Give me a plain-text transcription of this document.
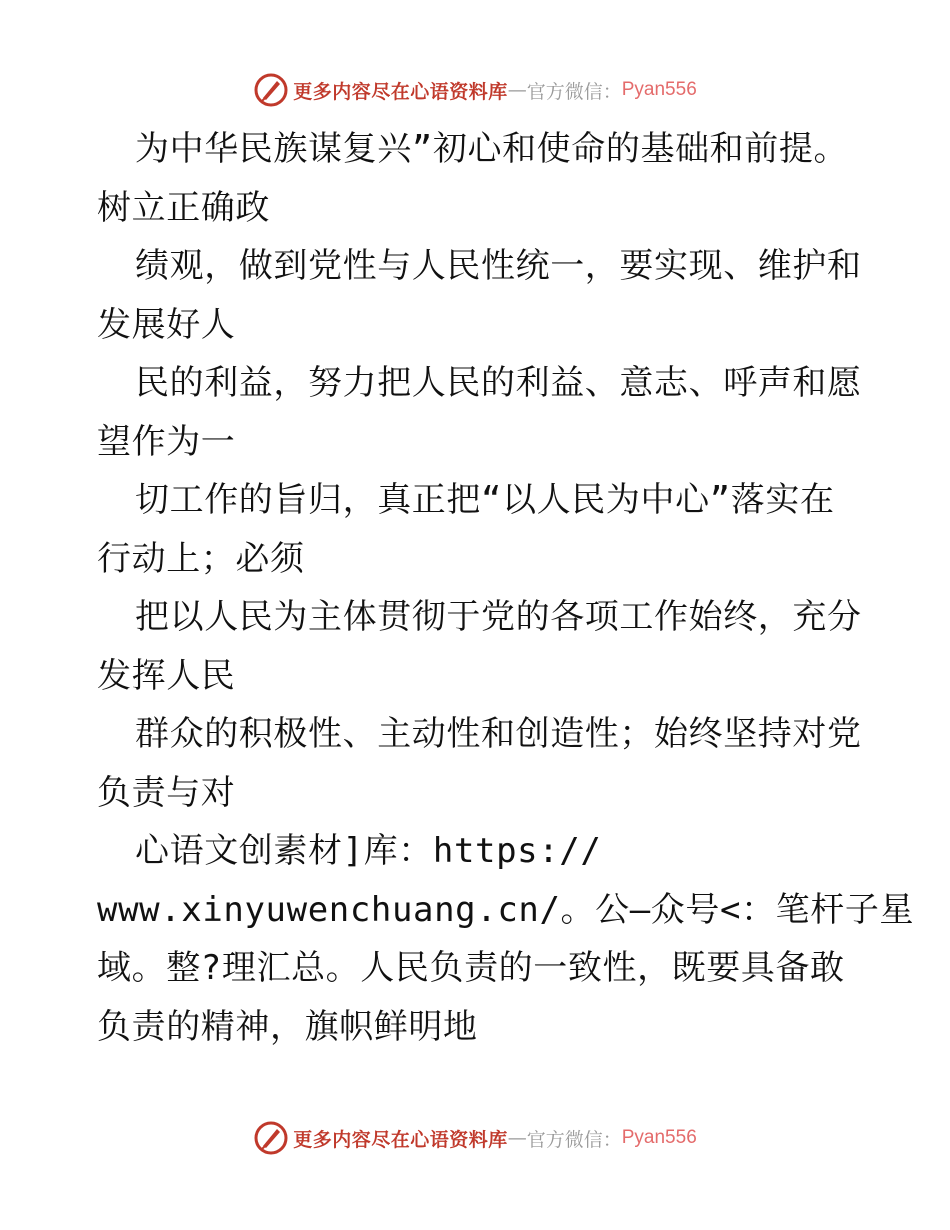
更多内容尽在心语资料库 — 官方微信： Pyan556
为中华民族谋复兴”初心和使命的基础和前提。
树立正确政
绩观，做到党性与人民性统一，要实现、维护和
发展好人
民的利益，努力把人民的利益、意志、呼声和愿
望作为一
切工作的旨归，真正把“以人民为中心”落实在
行动上；必须
把以人民为主体贯彻于党的各项工作始终，充分
发挥人民
群众的积极性、主动性和创造性；始终坚持对党
负责与对
心语文创素材]库：https://
www.xinyuwenchuang.cn/。公—众号<：笔杆子星
域。整?理汇总。人民负责的一致性，既要具备敢
负责的精神，旗帜鲜明地
更多内容尽在心语资料库 — 官方微信： Pyan556
